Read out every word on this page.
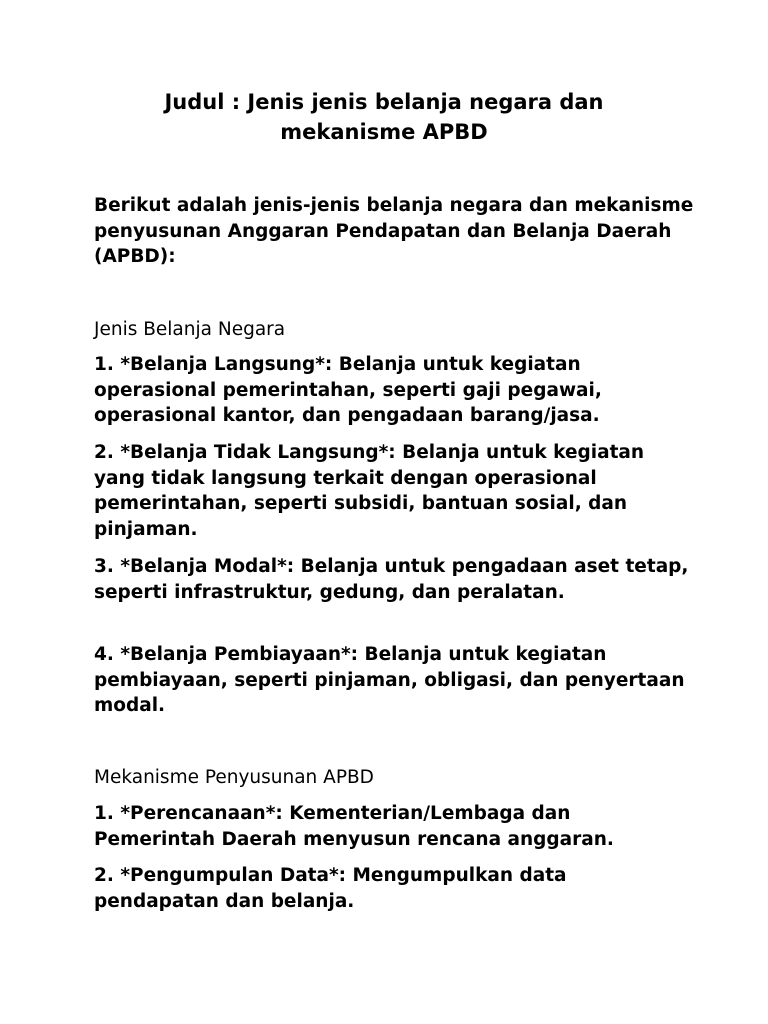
Judul : Jenis jenis belanja negara dan mekanisme APBD

Berikut adalah jenis-jenis belanja negara dan mekanisme penyusunan Anggaran Pendapatan dan Belanja Daerah (APBD):

Jenis Belanja Negara

1. *Belanja Langsung*: Belanja untuk kegiatan operasional pemerintahan, seperti gaji pegawai, operasional kantor, dan pengadaan barang/jasa.

2. *Belanja Tidak Langsung*: Belanja untuk kegiatan yang tidak langsung terkait dengan operasional pemerintahan, seperti subsidi, bantuan sosial, dan pinjaman.

3. *Belanja Modal*: Belanja untuk pengadaan aset tetap, seperti infrastruktur, gedung, dan peralatan.

4. *Belanja Pembiayaan*: Belanja untuk kegiatan pembiayaan, seperti pinjaman, obligasi, dan penyertaan modal.

Mekanisme Penyusunan APBD

1. *Perencanaan*: Kementerian/Lembaga dan Pemerintah Daerah menyusun rencana anggaran.

2. *Pengumpulan Data*: Mengumpulkan data pendapatan dan belanja.
